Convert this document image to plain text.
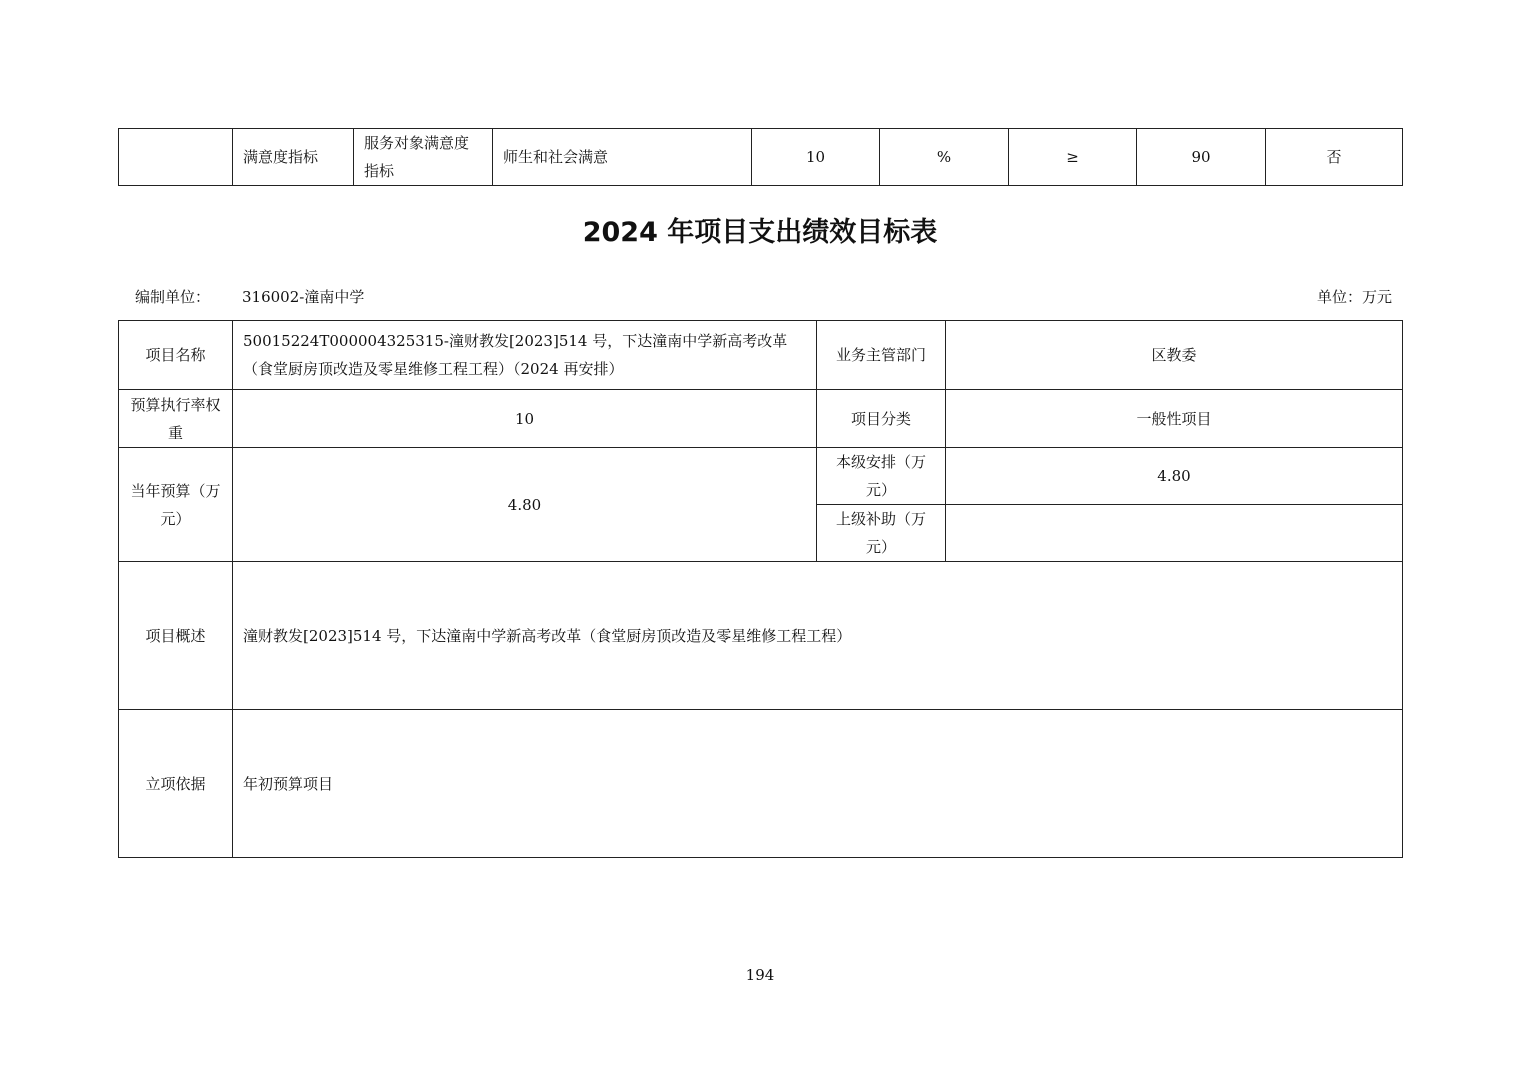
	满意度指标	服务对象满意度指标	师生和社会满意	10	%	≥	90	否
2024 年项目支出绩效目标表
编制单位： 316002-潼南中学	单位：万元
项目名称	50015224T000004325315-潼财教发[2023]514 号，下达潼南中学新高考改革（食堂厨房顶改造及零星维修工程工程）（2024 再安排）	业务主管部门	区教委
预算执行率权重	10	项目分类	一般性项目
当年预算（万元）	4.80	本级安排（万元）	4.80
		上级补助（万元）	
项目概述	潼财教发[2023]514 号，下达潼南中学新高考改革（食堂厨房顶改造及零星维修工程工程）		
立项依据	年初预算项目		
194
